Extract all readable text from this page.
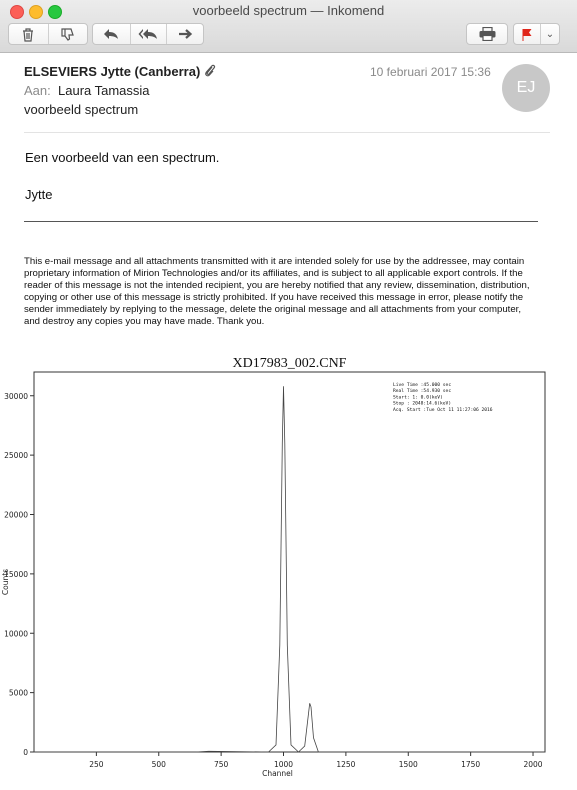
voorbeeld spectrum — Inkomend
⌄
ELSEVIERS Jytte (Canberra)	10 februari 2017 15:36
Aan: Laura Tamassia
voorbeeld spectrum
EJ
Een voorbeeld van een spectrum.
Jytte
This e-mail message and all attachments transmitted with it are intended solely for use by the addressee, may contain proprietary information of Mirion Technologies and/or its affiliates, and is subject to all applicable export controls. If the reader of this message is not the intended recipient, you are hereby notified that any review, dissemination, distribution, copying or other use of this message is strictly prohibited. If you have received this message in error, please notify the sender immediately by replying to the message, delete the original message and all attachments from your computer, and destroy any copies you may have made. Thank you.
XD17983_002.CNF
250	500	750	1000	1250	1500	1750	2000
0
5000
10000
15000
20000
25000
30000
Channel
Counts
Live Time :45.000 sec
Real Time :54.930 sec
Start: 1: 0.0(keV)
Stop : 2048:14.6(keV)
Acq. Start :Tue Oct 11 11:27:06 2016
